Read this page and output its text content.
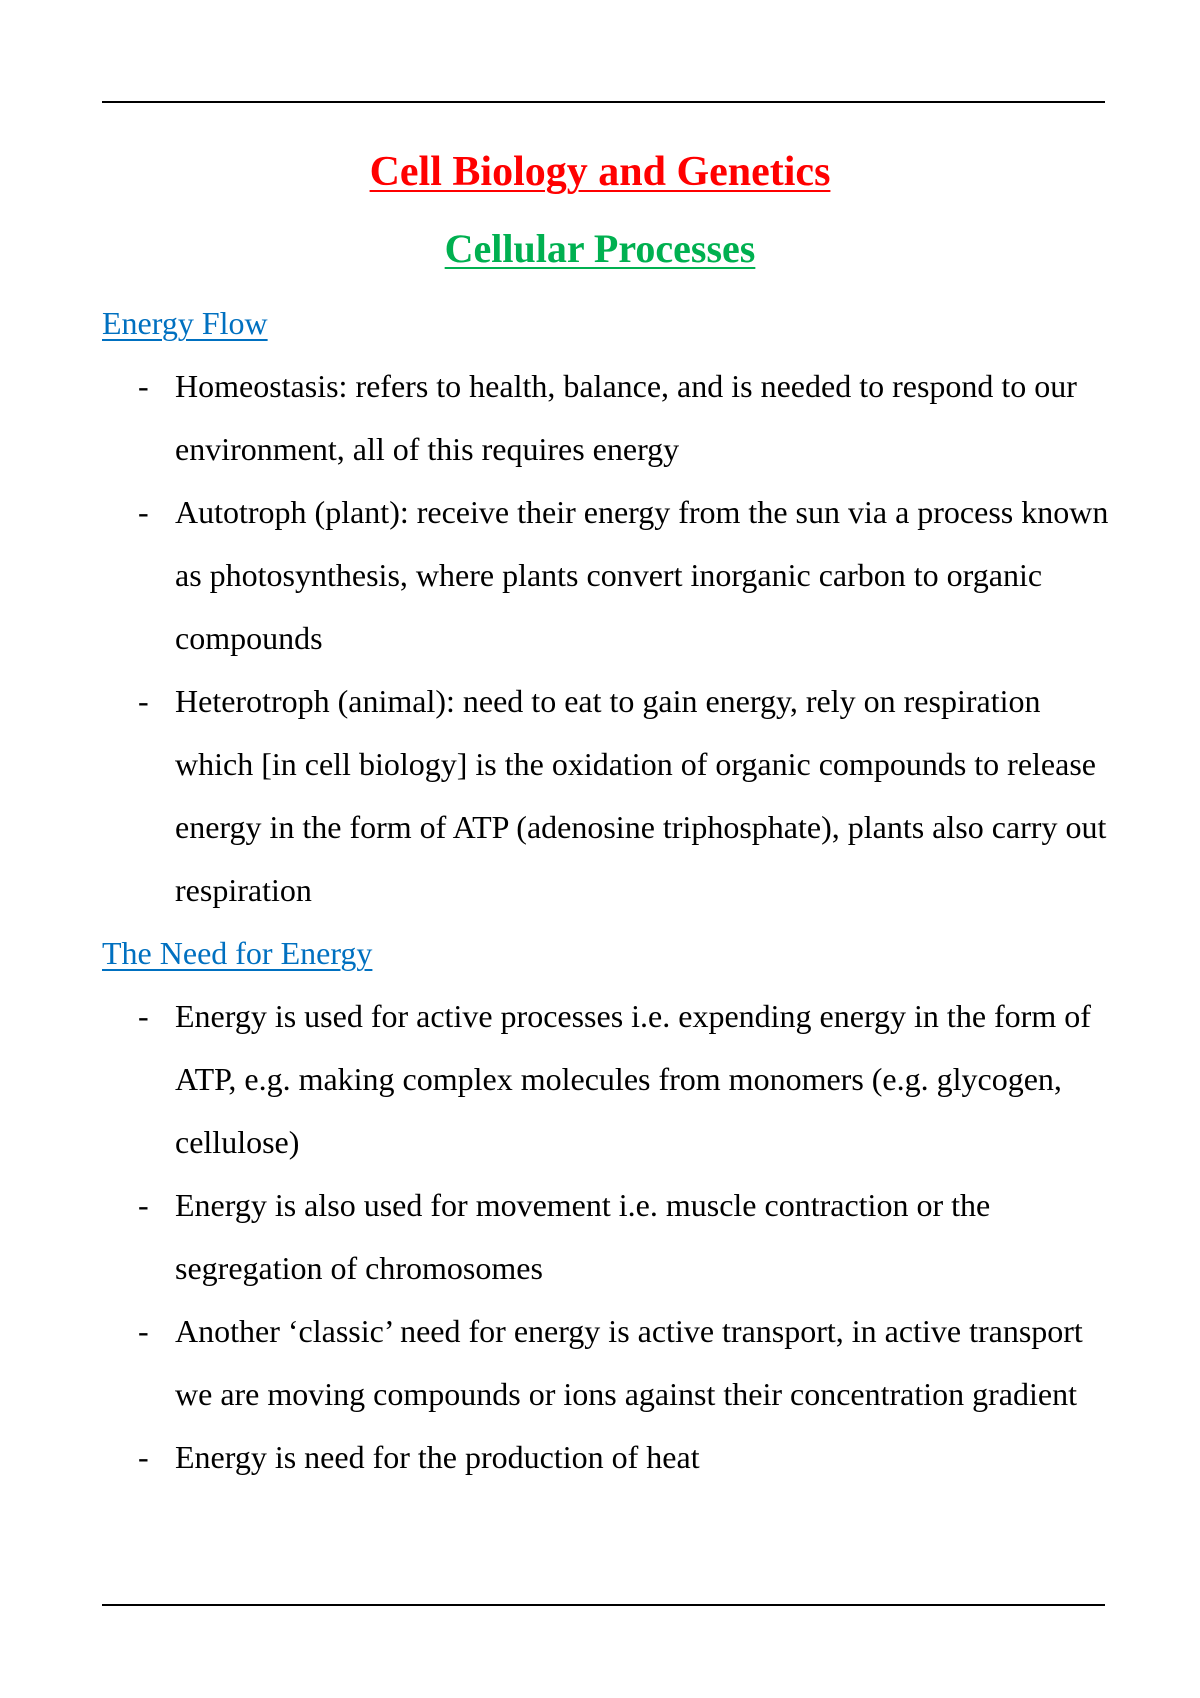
Cell Biology and Genetics
Cellular Processes
Energy Flow
- Homeostasis: refers to health, balance, and is needed to respond to our environment, all of this requires energy
- Autotroph (plant): receive their energy from the sun via a process known as photosynthesis, where plants convert inorganic carbon to organic compounds
- Heterotroph (animal): need to eat to gain energy, rely on respiration which [in cell biology] is the oxidation of organic compounds to release energy in the form of ATP (adenosine triphosphate), plants also carry out respiration
The Need for Energy
- Energy is used for active processes i.e. expending energy in the form of ATP, e.g. making complex molecules from monomers (e.g. glycogen, cellulose)
- Energy is also used for movement i.e. muscle contraction or the segregation of chromosomes
- Another ‘classic’ need for energy is active transport, in active transport we are moving compounds or ions against their concentration gradient
- Energy is need for the production of heat
